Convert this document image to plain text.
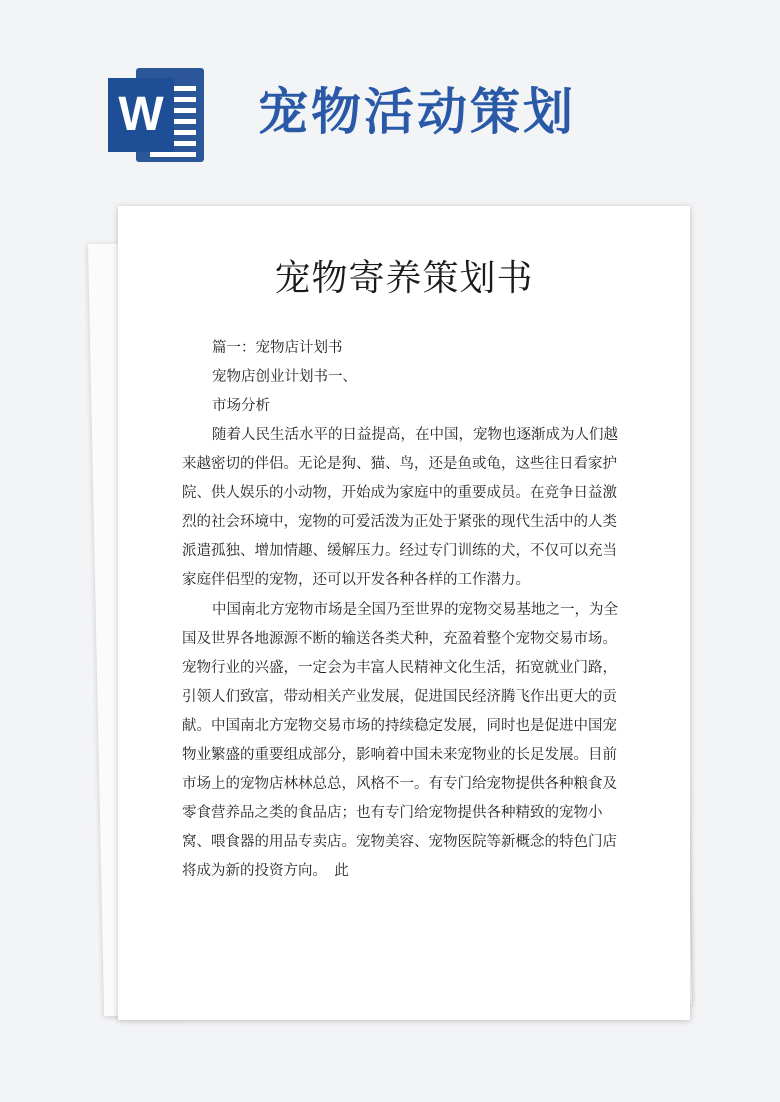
W 宠物活动策划
宠物寄养策划书

篇一：宠物店计划书

宠物店创业计划书一、

市场分析

随着人民生活水平的日益提高，在中国，宠物也逐渐成为人们越来越密切的伴侣。无论是狗、猫、鸟，还是鱼或龟，这些往日看家护院、供人娱乐的小动物，开始成为家庭中的重要成员。在竞争日益激烈的社会环境中，宠物的可爱活泼为正处于紧张的现代生活中的人类派遣孤独、增加情趣、缓解压力。经过专门训练的犬，不仅可以充当家庭伴侣型的宠物，还可以开发各种各样的工作潜力。

中国南北方宠物市场是全国乃至世界的宠物交易基地之一，为全国及世界各地源源不断的输送各类犬种，充盈着整个宠物交易市场。宠物行业的兴盛，一定会为丰富人民精神文化生活，拓宽就业门路，引领人们致富，带动相关产业发展，促进国民经济腾飞作出更大的贡献。中国南北方宠物交易市场的持续稳定发展，同时也是促进中国宠物业繁盛的重要组成部分，影响着中国未来宠物业的长足发展。目前市场上的宠物店林林总总，风格不一。有专门给宠物提供各种粮食及零食营养品之类的食品店；也有专门给宠物提供各种精致的宠物小窝、喂食器的用品专卖店。宠物美容、宠物医院等新概念的特色门店将成为新的投资方向。　此
